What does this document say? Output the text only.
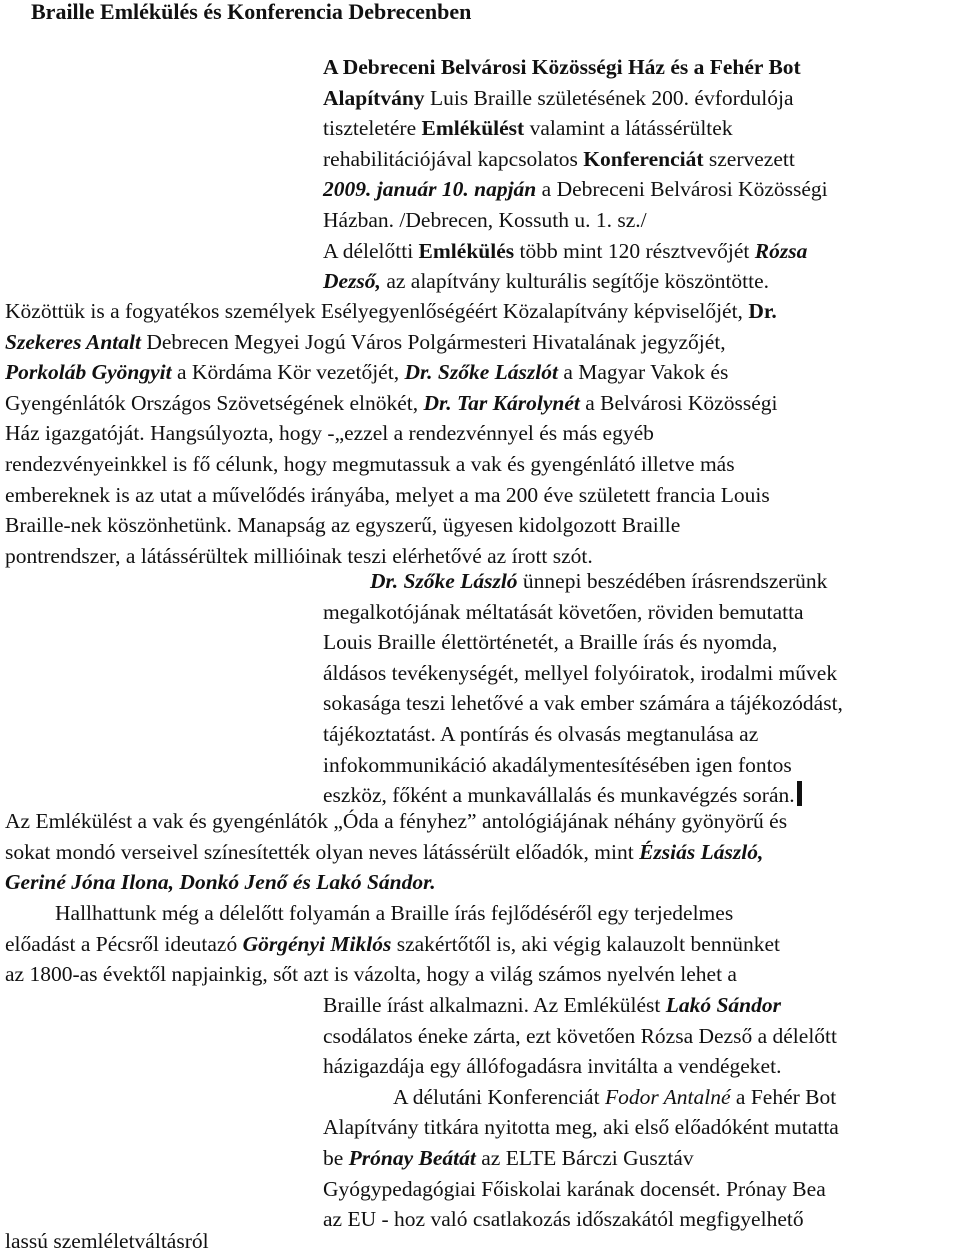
Braille Emlékülés és Konferencia Debrecenben
A Debreceni Belvárosi Közösségi Ház és a Fehér Bot
Alapítvány Luis Braille születésének 200. évfordulója
tiszteletére Emlékülést valamint a látássérültek
rehabilitációjával kapcsolatos Konferenciát szervezett
2009. január 10. napján a Debreceni Belvárosi Közösségi
Házban. /Debrecen, Kossuth u. 1. sz./
A délelőtti Emlékülés több mint 120 résztvevőjét Rózsa
Dezső, az alapítvány kulturális segítője köszöntötte.
Közöttük is a fogyatékos személyek Esélyegyenlőségéért Közalapítvány képviselőjét, Dr.
Szekeres Antalt Debrecen Megyei Jogú Város Polgármesteri Hivatalának jegyzőjét,
Porkoláb Gyöngyit a Kördáma Kör vezetőjét, Dr. Szőke Lászlót a Magyar Vakok és
Gyengénlátók Országos Szövetségének elnökét, Dr. Tar Károlynét a Belvárosi Közösségi
Ház igazgatóját. Hangsúlyozta, hogy -„ezzel a rendezvénnyel és más egyéb
rendezvényeinkkel is fő célunk, hogy megmutassuk a vak és gyengénlátó illetve más
embereknek is az utat a művelődés irányába, melyet a ma 200 éve született francia Louis
Braille-nek köszönhetünk. Manapság az egyszerű, ügyesen kidolgozott Braille
pontrendszer, a látássérültek millióinak teszi elérhetővé az írott szót.
Dr. Szőke László ünnepi beszédében írásrendszerünk
megalkotójának méltatását követően, röviden bemutatta
Louis Braille élettörténetét, a Braille írás és nyomda,
áldásos tevékenységét, mellyel folyóiratok, irodalmi művek
sokasága teszi lehetővé a vak ember számára a tájékozódást,
tájékoztatást. A pontírás és olvasás megtanulása az
infokommunikáció akadálymentesítésében igen fontos
eszköz, főként a munkavállalás és munkavégzés során.
Az Emlékülést a vak és gyengénlátók „Óda a fényhez” antológiájának néhány gyönyörű és
sokat mondó verseivel színesítették olyan neves látássérült előadók, mint Ézsiás László,
Geriné Jóna Ilona, Donkó Jenő és Lakó Sándor.
Hallhattunk még a délelőtt folyamán a Braille írás fejlődéséről egy terjedelmes
előadást a Pécsről ideutazó Görgényi Miklós szakértőtől is, aki végig kalauzolt bennünket
az 1800-as évektől napjainkig, sőt azt is vázolta, hogy a világ számos nyelvén lehet a
Braille írást alkalmazni. Az Emlékülést Lakó Sándor
csodálatos éneke zárta, ezt követően Rózsa Dezső a délelőtt
házigazdája egy állófogadásra invitálta a vendégeket.
A délutáni Konferenciát Fodor Antalné a Fehér Bot
Alapítvány titkára nyitotta meg, aki első előadóként mutatta
be Prónay Beátát az ELTE Bárczi Gusztáv
Gyógypedagógiai Főiskolai karának docensét. Prónay Bea
az EU - hoz való csatlakozás időszakától megfigyelhető
lassú szemléletváltásról
